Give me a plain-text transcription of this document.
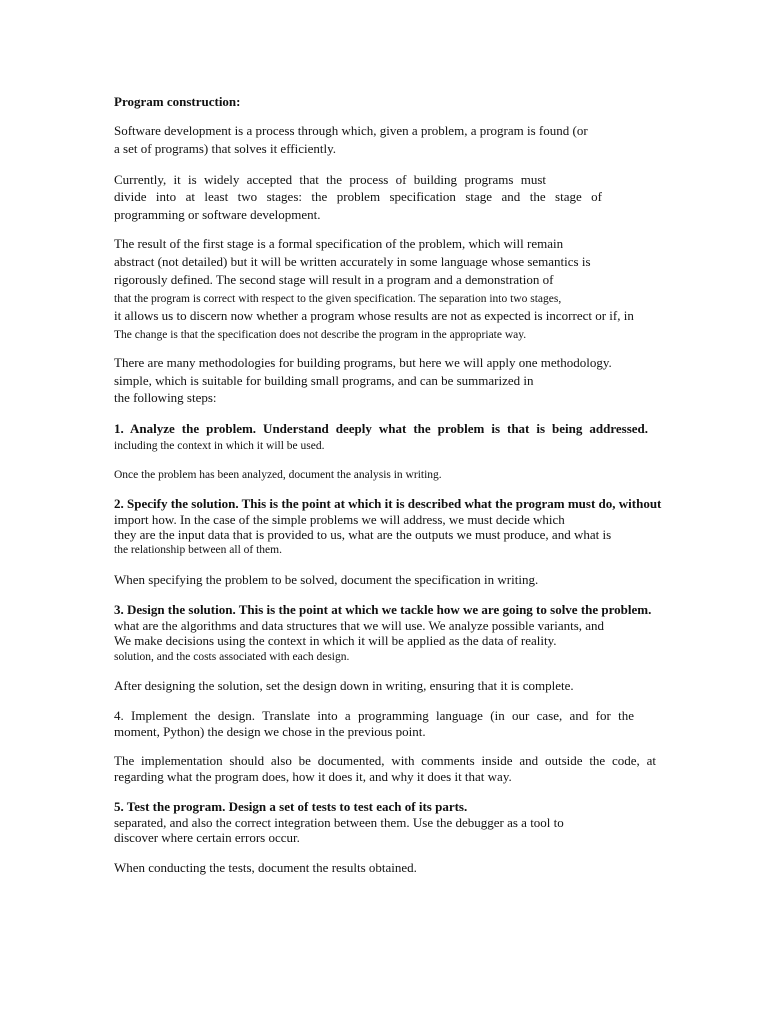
Program construction:
Software development is a process through which, given a problem, a program is found (or
a set of programs) that solves it efficiently.
Currently, it is widely accepted that the process of building programs must
divide into at least two stages: the problem specification stage and the stage of
programming or software development.
The result of the first stage is a formal specification of the problem, which will remain
abstract (not detailed) but it will be written accurately in some language whose semantics is
rigorously defined. The second stage will result in a program and a demonstration of
that the program is correct with respect to the given specification. The separation into two stages,
it allows us to discern now whether a program whose results are not as expected is incorrect or if, in
The change is that the specification does not describe the program in the appropriate way.
There are many methodologies for building programs, but here we will apply one methodology.
simple, which is suitable for building small programs, and can be summarized in
the following steps:
1. Analyze the problem. Understand deeply what the problem is that is being addressed.
including the context in which it will be used.
Once the problem has been analyzed, document the analysis in writing.
2. Specify the solution. This is the point at which it is described what the program must do, without
import how. In the case of the simple problems we will address, we must decide which
they are the input data that is provided to us, what are the outputs we must produce, and what is
the relationship between all of them.
When specifying the problem to be solved, document the specification in writing.
3. Design the solution. This is the point at which we tackle how we are going to solve the problem.
what are the algorithms and data structures that we will use. We analyze possible variants, and
We make decisions using the context in which it will be applied as the data of reality.
solution, and the costs associated with each design.
After designing the solution, set the design down in writing, ensuring that it is complete.
4. Implement the design. Translate into a programming language (in our case, and for the
moment, Python) the design we chose in the previous point.
The implementation should also be documented, with comments inside and outside the code, at
regarding what the program does, how it does it, and why it does it that way.
5. Test the program. Design a set of tests to test each of its parts.
separated, and also the correct integration between them. Use the debugger as a tool to
discover where certain errors occur.
When conducting the tests, document the results obtained.
